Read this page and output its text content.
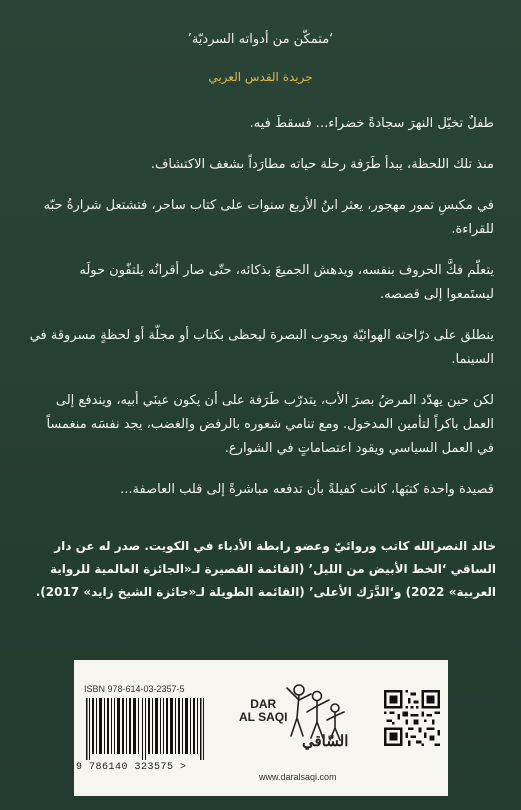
‘متمكّن من أدواته السرديّة’
جريدة القدس العربي

طفلٌ تخيّل النهرَ سجادةً خضراء... فسقطَ فيه.

منذ تلك اللحظة، يبدأ طَرَفة رحلة حياته مطارَداً بشغف الاكتشاف.

في مكبسِ تمور مهجور، يعثر ابنُ الأربع سنوات على كتاب ساحر، فتشتعل شرارةُ حبّه للقراءة.

يتعلّم فكَّ الحروف بنفسه، ويدهش الجميعَ بذكائه، حتّى صار أقرانُه يلتفّون حولَه ليستَمعوا إلى قصصه.

ينطلق على درّاجته الهوائيّة ويجوب البصرة ليحظى بكتاب أو مجلّة أو لحظةٍ مسروقة في السينما.

لكن حين يهدّد المرضُ بصرَ الأب، يتدرّب طَرَفة على أن يكون عينَي أبيه، ويندفع إلى العمل باكراً لتأمين المدخول. ومع تنامي شعوره بالرفض والغضب، يجد نفسَه منغمساً في العمل السياسي ويقود اعتصاماتٍ في الشوارع.

قصيدة واحدة كتبَها، كانت كفيلةً بأن تدفعه مباشرةً إلى قلب العاصفة...

خالد النصرالله كاتب وروائيّ وعضو رابطة الأدباء في الكويت. صدر له عن دار الساقي ‘الخط الأبيض من الليل’ (القائمة القصيرة لـ«الجائزة العالمية للرواية العربية» 2022) و‘الدَّرَك الأعلى’ (القائمة الطويلة لـ«جائزة الشيخ زايد» 2017).
ISBN 978-614-03-2357-5
9 786140 323575 >
DAR
AL SAQI
السّاقي
www.daralsaqi.com
